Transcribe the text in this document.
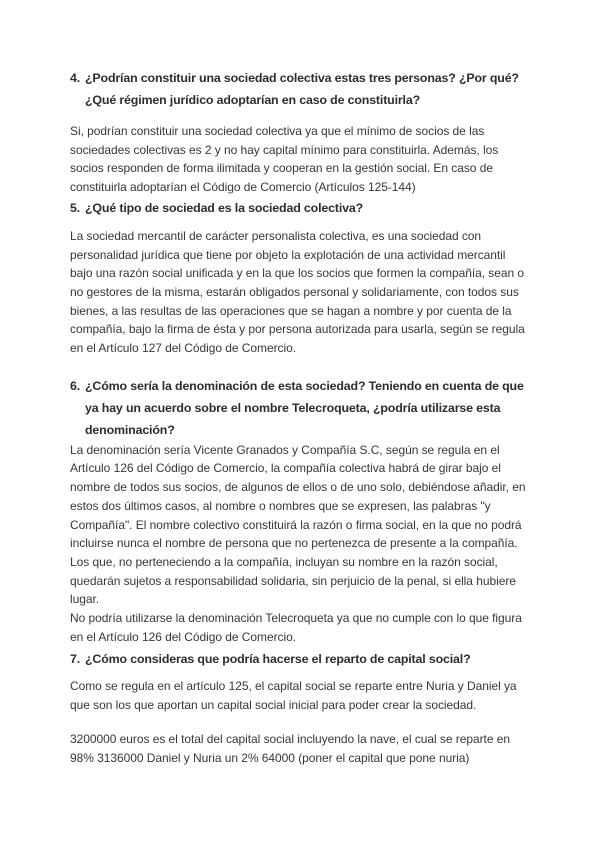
4. ¿Podrían constituir una sociedad colectiva estas tres personas? ¿Por qué? ¿Qué régimen jurídico adoptarían en caso de constituirla?

Si, podrían constituir una sociedad colectiva ya que el mínimo de socios de las sociedades colectivas es 2 y no hay capital mínimo para constituirla. Además, los socios responden de forma ilimitada y cooperan en la gestión social. En caso de constituirla adoptarían el Código de Comercio (Artículos 125-144)

5. ¿Qué tipo de sociedad es la sociedad colectiva?

La sociedad mercantil de carácter personalista colectiva, es una sociedad con personalidad jurídica que tiene por objeto la explotación de una actividad mercantil bajo una razón social unificada y en la que los socios que formen la compañía, sean o no gestores de la misma, estarán obligados personal y solidariamente, con todos sus bienes, a las resultas de las operaciones que se hagan a nombre y por cuenta de la compañía, bajo la firma de ésta y por persona autorizada para usarla, según se regula en el Artículo 127 del Código de Comercio.

6. ¿Cómo sería la denominación de esta sociedad? Teniendo en cuenta de que ya hay un acuerdo sobre el nombre Telecroqueta, ¿podría utilizarse esta denominación?

La denominación sería Vicente Granados y Compañía S.C, según se regula en el Artículo 126 del Código de Comercio, la compañía colectiva habrá de girar bajo el nombre de todos sus socios, de algunos de ellos o de uno solo, debiéndose añadir, en estos dos últimos casos, al nombre o nombres que se expresen, las palabras "y Compañía". El nombre colectivo constituirá la razón o firma social, en la que no podrá incluirse nunca el nombre de persona que no pertenezca de presente a la compañía. Los que, no perteneciendo a la compañía, incluyan su nombre en la razón social, quedarán sujetos a responsabilidad solidaria, sin perjuicio de la penal, si ella hubiere lugar.

No podría utilizarse la denominación Telecroqueta ya que no cumple con lo que figura en el Artículo 126 del Código de Comercio.

7. ¿Cómo consideras que podría hacerse el reparto de capital social?

Como se regula en el artículo 125, el capital social se reparte entre Nuria y Daniel ya que son los que aportan un capital social inicial para poder crear la sociedad.

3200000 euros es el total del capital social incluyendo la nave, el cual se reparte en 98% 3136000 Daniel y Nuria un 2% 64000 (poner el capital que pone nuria)
